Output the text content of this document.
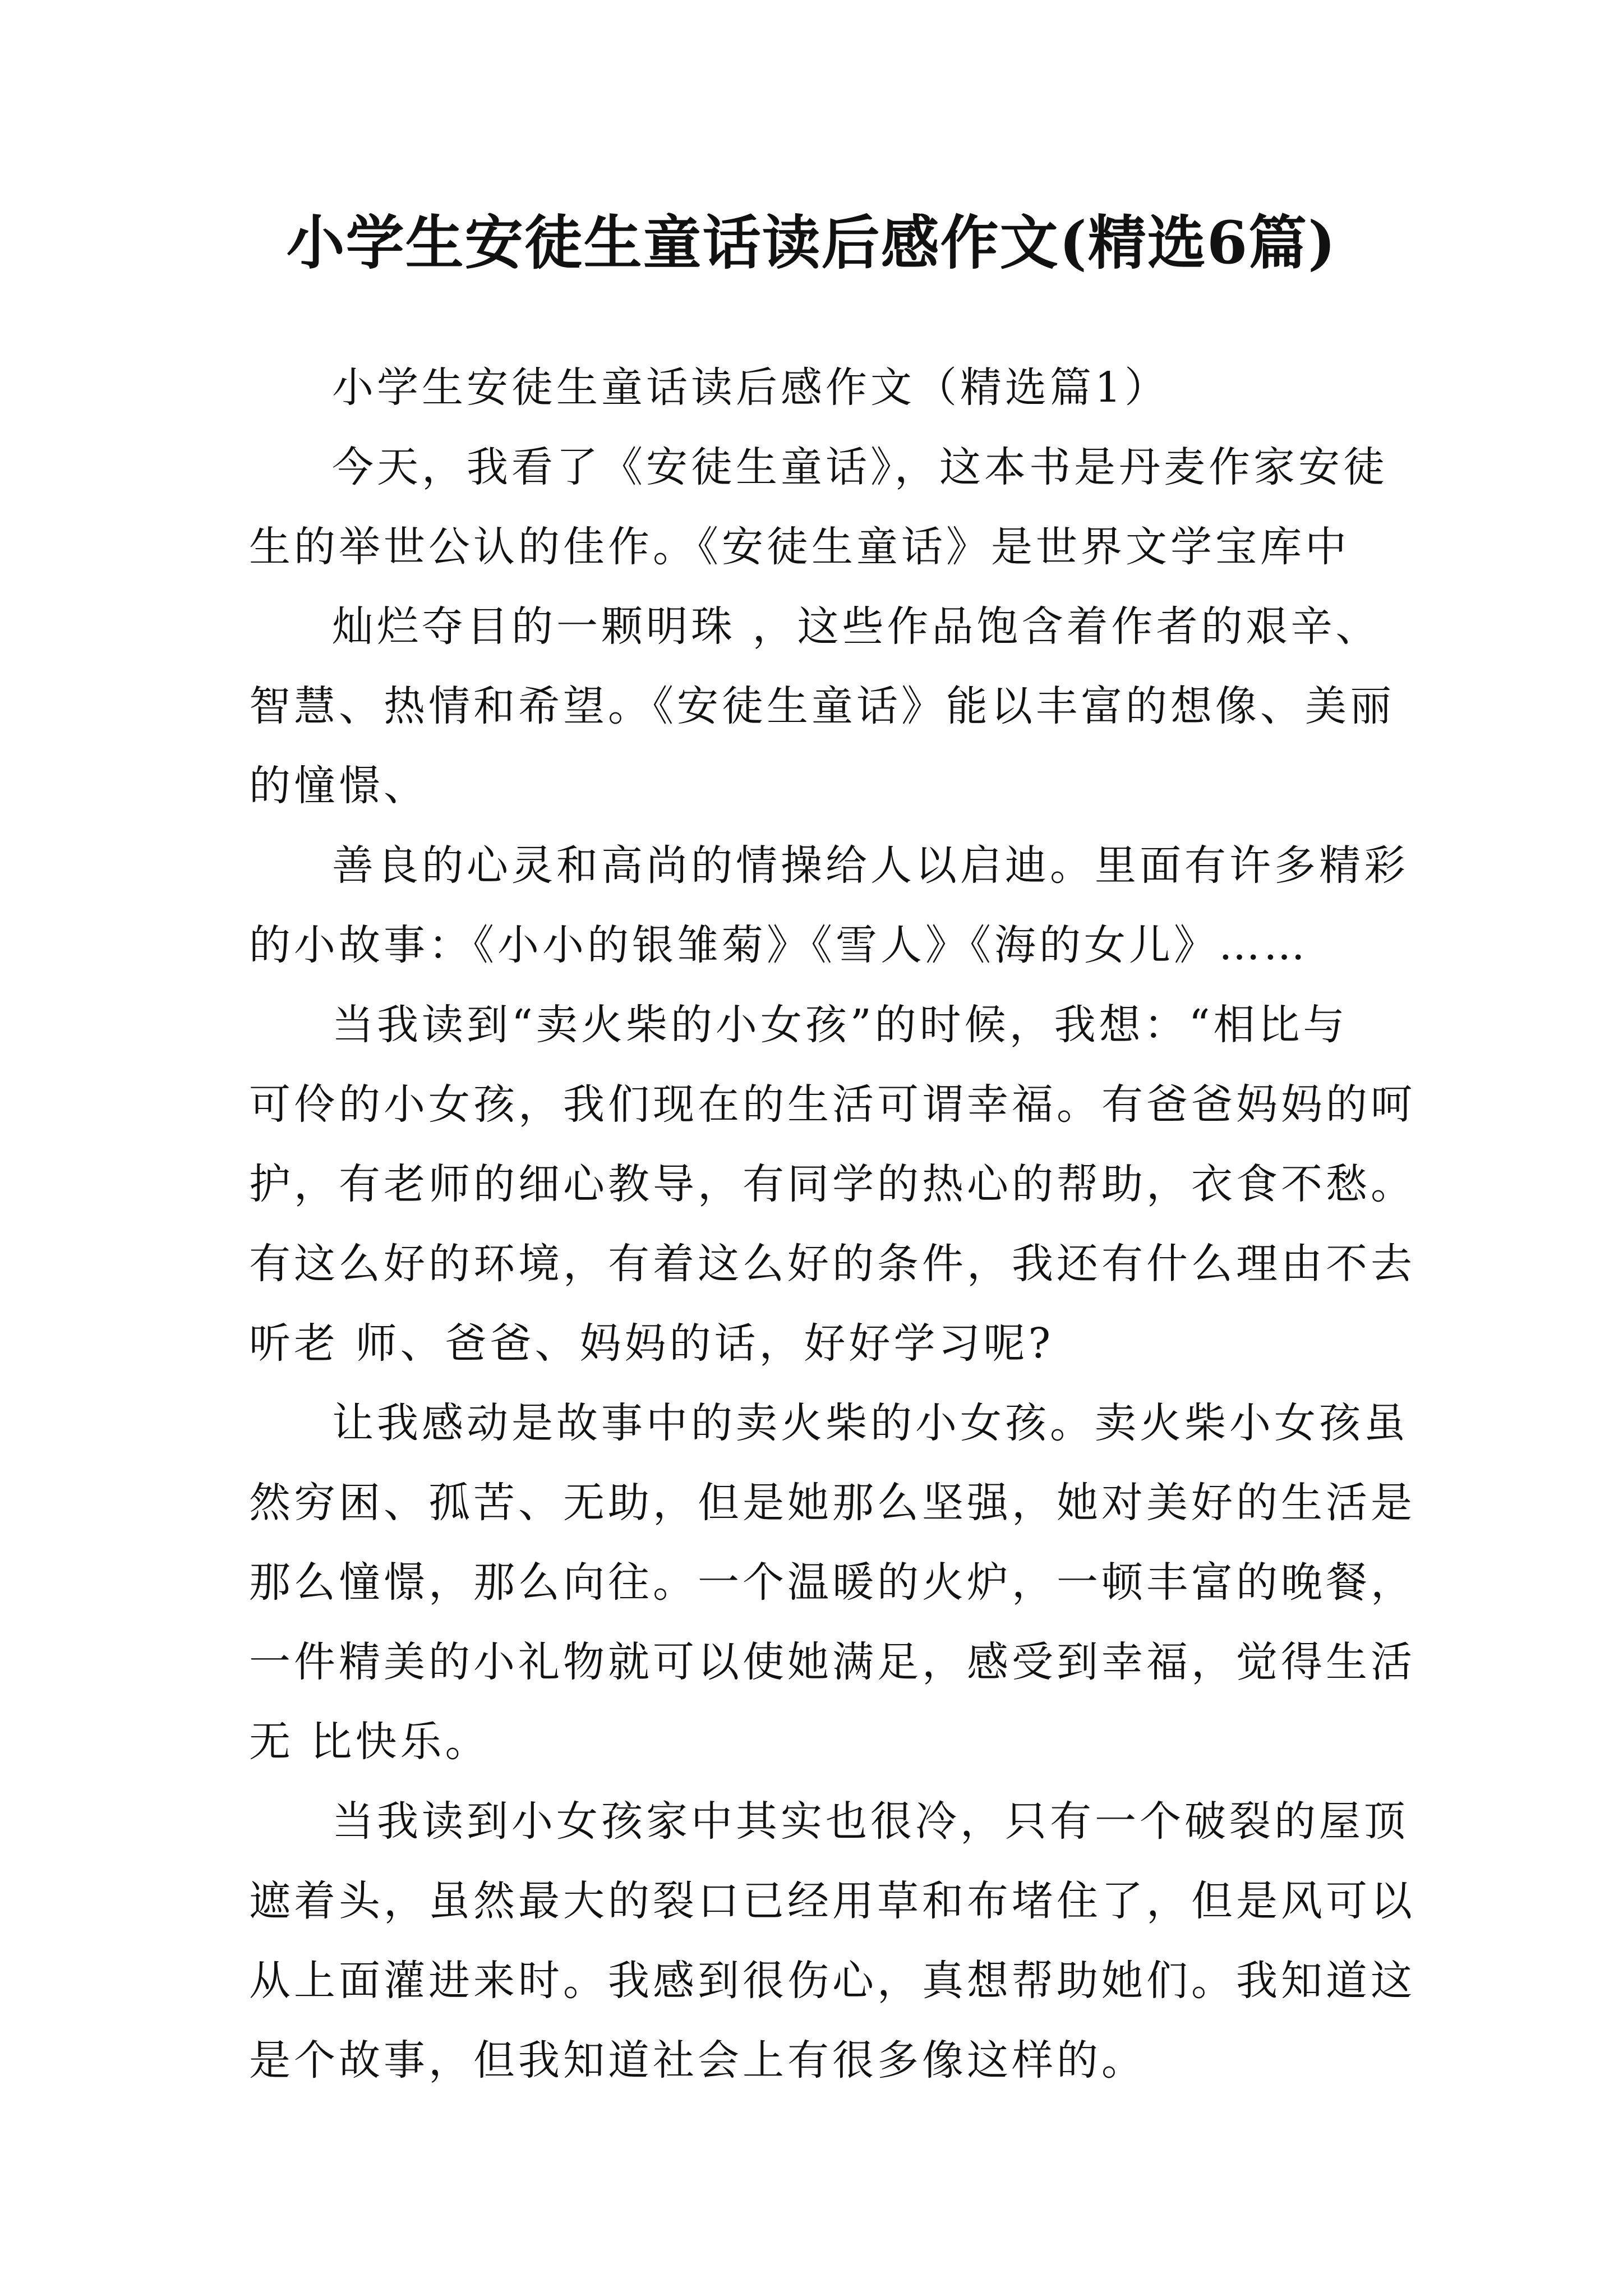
小学生安徒生童话读后感作文(精选6篇)
小学生安徒生童话读后感作文（精选篇1）
今天，我看了《安徒生童话》，这本书是丹麦作家安徒
生的举世公认的佳作。《安徒生童话》是世界文学宝库中
灿烂夺目的一颗明珠 ，这些作品饱含着作者的艰辛、
智慧、热情和希望。《安徒生童话》能以丰富的想像、美丽
的憧憬、
善良的心灵和高尚的情操给人以启迪。里面有许多精彩
的小故事：《小小的银雏菊》《雪人》《海的女儿》……
当我读到“卖火柴的小女孩”的时候，我想：“相比与
可伶的小女孩，我们现在的生活可谓幸福。有爸爸妈妈的呵
护，有老师的细心教导，有同学的热心的帮助，衣食不愁。
有这么好的环境，有着这么好的条件，我还有什么理由不去
听老 师、爸爸、妈妈的话，好好学习呢?
让我感动是故事中的卖火柴的小女孩。卖火柴小女孩虽
然穷困、孤苦、无助，但是她那么坚强，她对美好的生活是
那么憧憬，那么向往。一个温暖的火炉，一顿丰富的晚餐，
一件精美的小礼物就可以使她满足，感受到幸福，觉得生活
无 比快乐。
当我读到小女孩家中其实也很冷，只有一个破裂的屋顶
遮着头，虽然最大的裂口已经用草和布堵住了，但是风可以
从上面灌进来时。我感到很伤心，真想帮助她们。我知道这
是个故事，但我知道社会上有很多像这样的。
